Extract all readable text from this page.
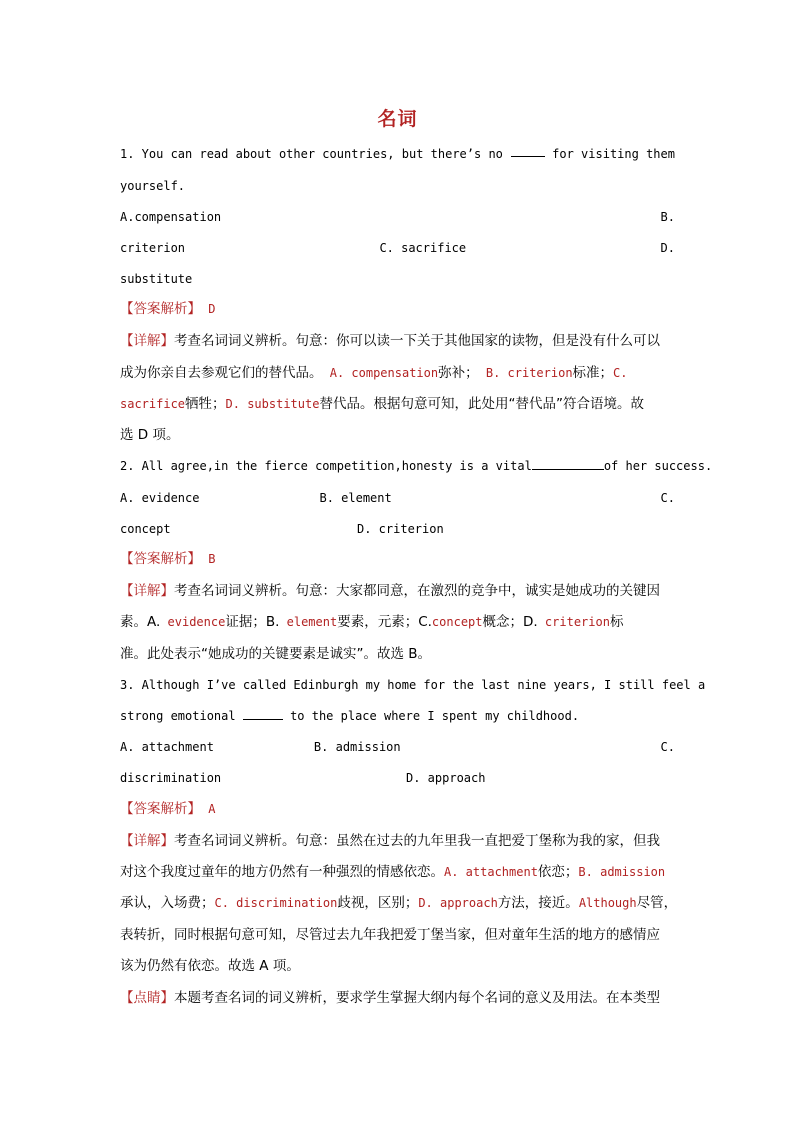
名词
1. You can read about other countries, but there’s no	for visiting them
yourself.
A. compensation	B.
criterion	C. sacrifice	D.
substitute
【答案解析】 D
【详解】考查名词词义辨析。句意：你可以读一下关于其他国家的读物，但是没有什么可以
成为你亲自去参观它们的替代品。 A. compensation弥补； B. criterion标准；C.
sacrifice牺牲；D. substitute替代品。根据句意可知，此处用“替代品”符合语境。故
选 D 项。
2. All agree,in the fierce competition,honesty is a vital	of her success.
A. evidence	B. element	C.
concept	D. criterion
【答案解析】 B
【详解】考查名词词义辨析。句意：大家都同意，在激烈的竞争中，诚实是她成功的关键因
素。A. evidence证据；B. element要素，元素；C.concept概念；D. criterion标
准。此处表示“她成功的关键要素是诚实”。故选 B。
3. Although I’ve called Edinburgh my home for the last nine years, I still feel a
strong emotional	to the place where I spent my childhood.
A. attachment	B. admission	C.
discrimination	D. approach
【答案解析】 A
【详解】考查名词词义辨析。句意：虽然在过去的九年里我一直把爱丁堡称为我的家，但我
对这个我度过童年的地方仍然有一种强烈的情感依恋。A. attachment依恋；B. admission
承认，入场费；C. discrimination歧视，区别；D. approach方法，接近。Although尽管，
表转折，同时根据句意可知，尽管过去九年我把爱丁堡当家，但对童年生活的地方的感情应
该为仍然有依恋。故选 A 项。
【点睛】本题考查名词的词义辨析，要求学生掌握大纲内每个名词的意义及用法。在本类型
